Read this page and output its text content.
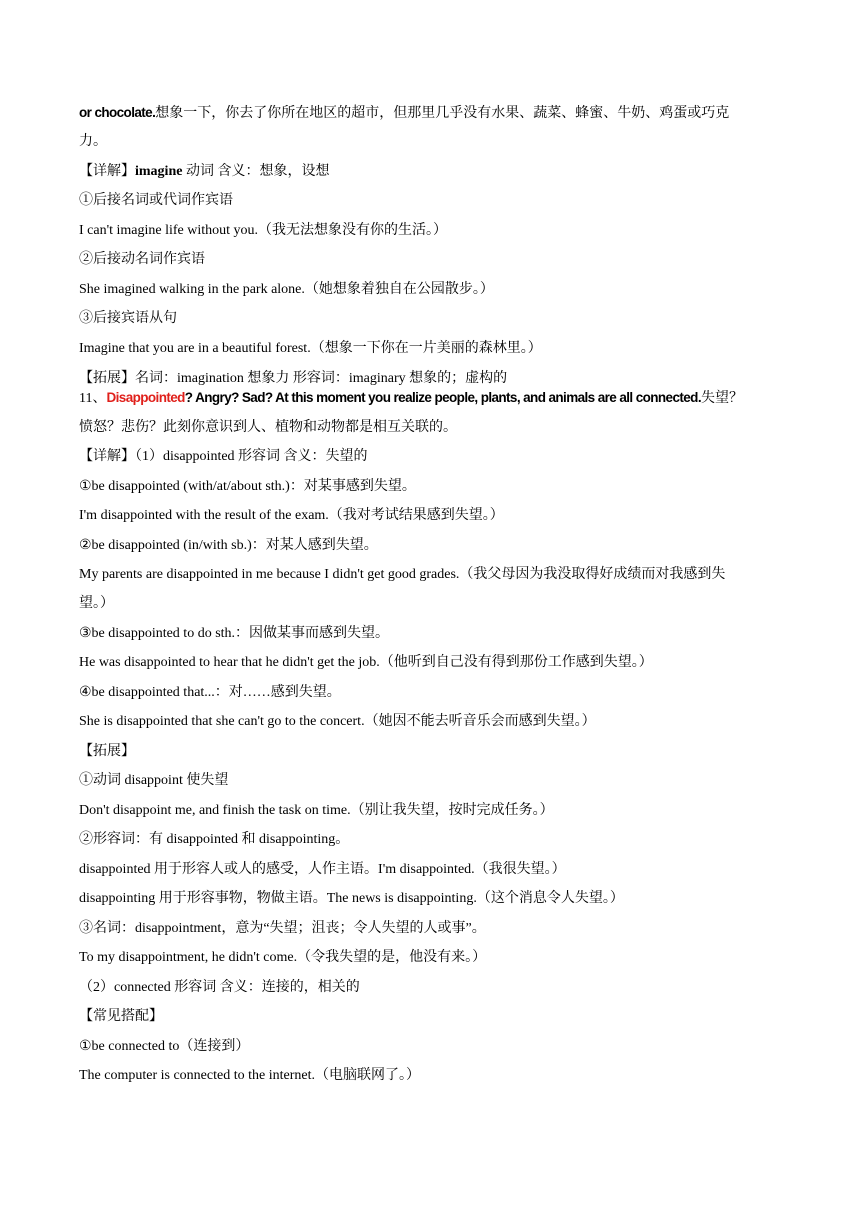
or chocolate.想象一下，你去了你所在地区的超市，但那里几乎没有水果、蔬菜、蜂蜜、牛奶、鸡蛋或巧克
力。
【详解】imagine 动词 含义：想象，设想
①后接名词或代词作宾语
I can't imagine life without you.（我无法想象没有你的生活。）
②后接动名词作宾语
She imagined walking in the park alone.（她想象着独自在公园散步。）
③后接宾语从句
Imagine that you are in a beautiful forest.（想象一下你在一片美丽的森林里。）
【拓展】名词：imagination 想象力 形容词：imaginary 想象的；虚构的
11、Disappointed? Angry? Sad? At this moment you realize people, plants, and animals are all connected.失望？
愤怒？悲伤？此刻你意识到人、植物和动物都是相互关联的。
【详解】（1）disappointed 形容词 含义：失望的
①be disappointed (with/at/about sth.)：对某事感到失望。
I'm disappointed with the result of the exam.（我对考试结果感到失望。）
②be disappointed (in/with sb.)：对某人感到失望。
My parents are disappointed in me because I didn't get good grades.（我父母因为我没取得好成绩而对我感到失
望。）
③be disappointed to do sth.：因做某事而感到失望。
He was disappointed to hear that he didn't get the job.（他听到自己没有得到那份工作感到失望。）
④be disappointed that...：对……感到失望。
She is disappointed that she can't go to the concert.（她因不能去听音乐会而感到失望。）
【拓展】
①动词 disappoint 使失望
Don't disappoint me, and finish the task on time.（别让我失望，按时完成任务。）
②形容词：有 disappointed 和 disappointing。
disappointed 用于形容人或人的感受，人作主语。I'm disappointed.（我很失望。）
disappointing 用于形容事物，物做主语。The news is disappointing.（这个消息令人失望。）
③名词：disappointment，意为“失望；沮丧；令人失望的人或事”。
To my disappointment, he didn't come.（令我失望的是，他没有来。）
（2）connected 形容词 含义：连接的，相关的
【常见搭配】
①be connected to（连接到）
The computer is connected to the internet.（电脑联网了。）
